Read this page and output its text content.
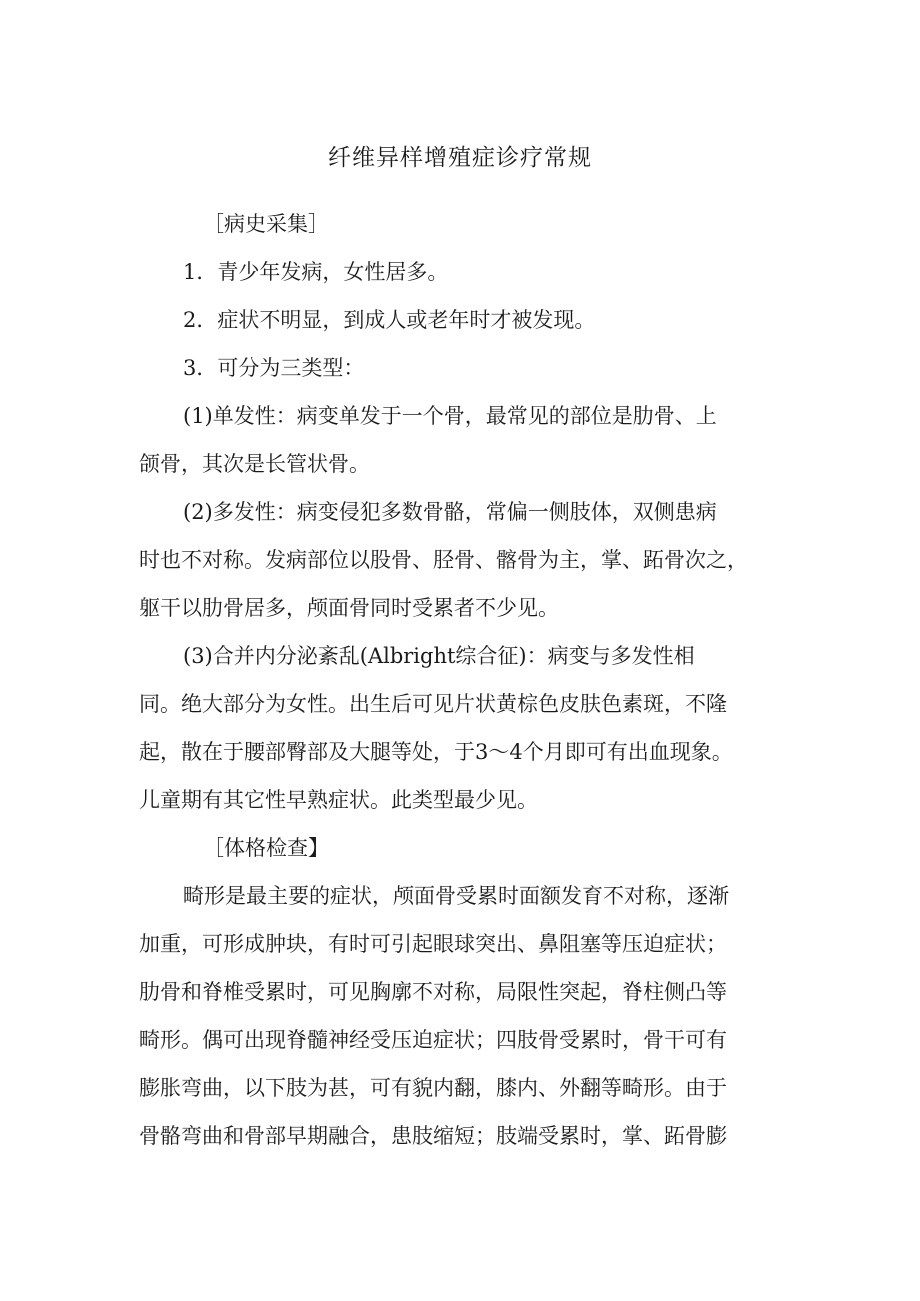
纤维异样增殖症诊疗常规
［病史采集］
1．青少年发病，女性居多。
2．症状不明显，到成人或老年时才被发现。
3．可分为三类型：
(1)单发性：病变单发于一个骨，最常见的部位是肋骨、上
颌骨，其次是长管状骨。
(2)多发性：病变侵犯多数骨骼，常偏一侧肢体，双侧患病
时也不对称。发病部位以股骨、胫骨、髂骨为主，掌、跖骨次之，
躯干以肋骨居多，颅面骨同时受累者不少见。
(3)合并内分泌紊乱(Albright综合征)：病变与多发性相
同。绝大部分为女性。出生后可见片状黄棕色皮肤色素斑，不隆
起，散在于腰部臀部及大腿等处，于3～4个月即可有出血现象。
儿童期有其它性早熟症状。此类型最少见。
［体格检查】
畸形是最主要的症状，颅面骨受累时面额发育不对称，逐渐
加重，可形成肿块，有时可引起眼球突出、鼻阻塞等压迫症状；
肋骨和脊椎受累时，可见胸廓不对称，局限性突起，脊柱侧凸等
畸形。偶可出现脊髓神经受压迫症状；四肢骨受累时，骨干可有
膨胀弯曲，以下肢为甚，可有貌内翻，膝内、外翻等畸形。由于
骨骼弯曲和骨部早期融合，患肢缩短；肢端受累时，掌、跖骨膨
